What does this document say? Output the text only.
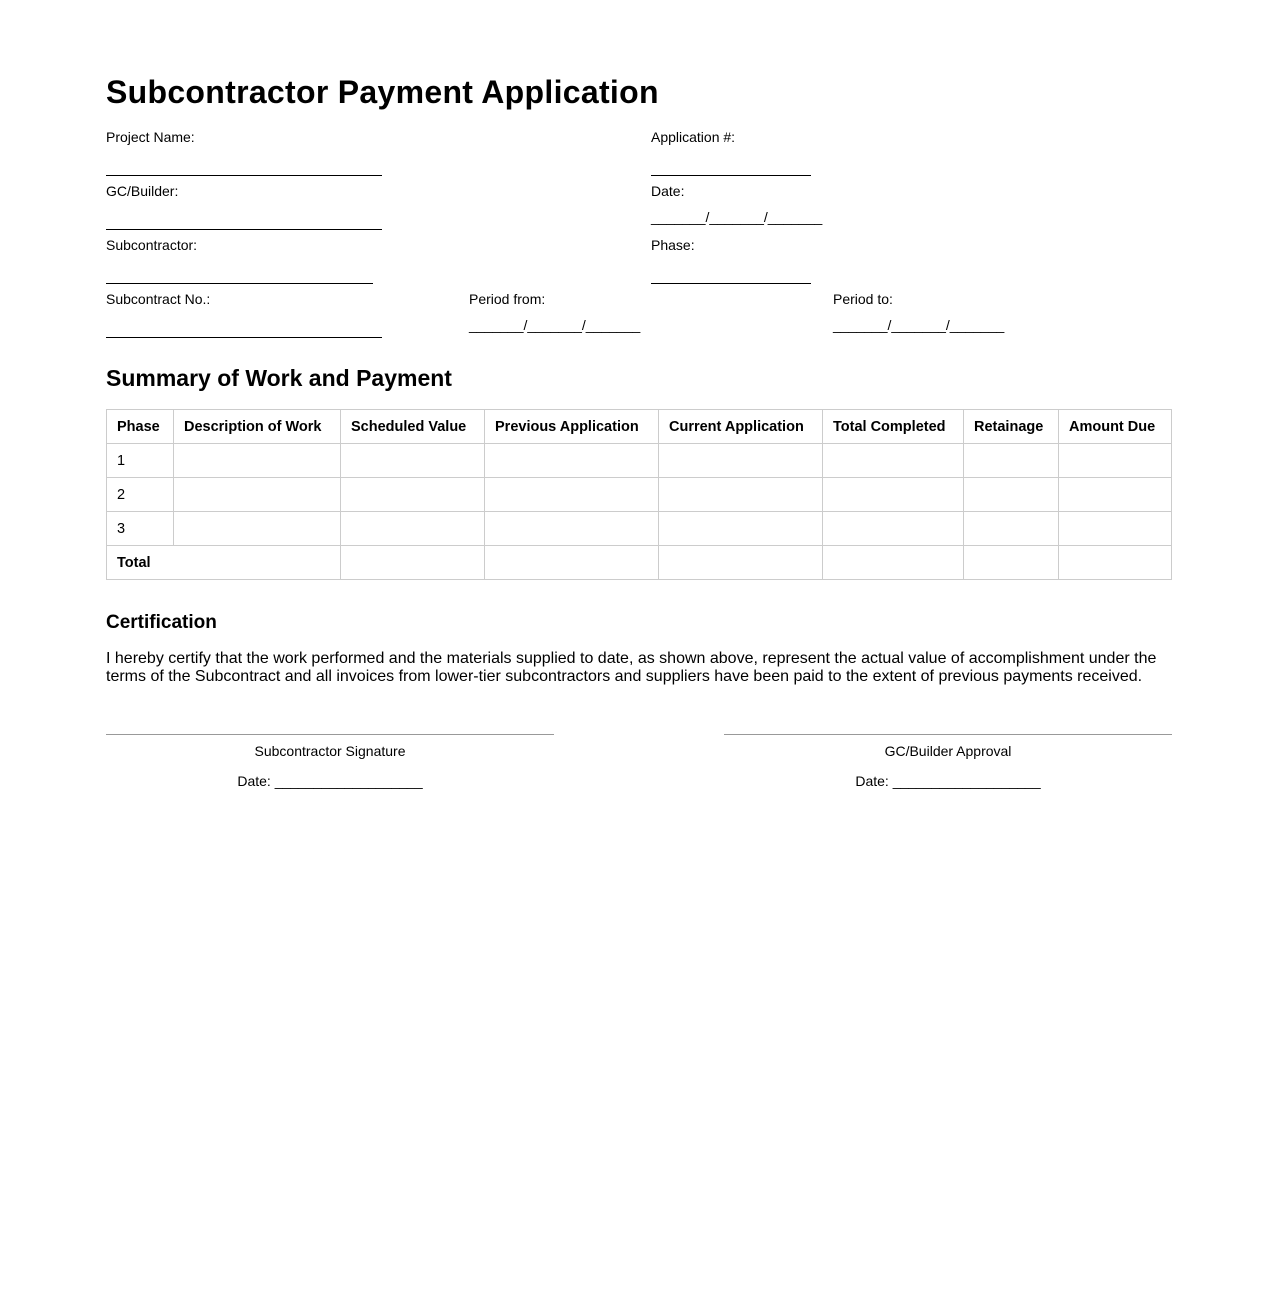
Subcontractor Payment Application
Project Name:	Application #:
GC/Builder:	Date:
_______/_______/_______
Subcontractor:	Phase:
Subcontract No.:	Period from:
_______/_______/_______
Period to:
_______/_______/_______
Summary of Work and Payment
Phase	Description of Work	Scheduled Value	Previous Application	Current Application	Total Completed	Retainage	Amount Due
1							
2							
3							
Total							
Certification

I hereby certify that the work performed and the materials supplied to date, as shown above, represent the actual value of accomplishment under the terms of the Subcontract and all invoices from lower-tier subcontractors and suppliers have been paid to the extent of previous payments received.

Subcontractor Signature
Date: ___________________
GC/Builder Approval
Date: ___________________
